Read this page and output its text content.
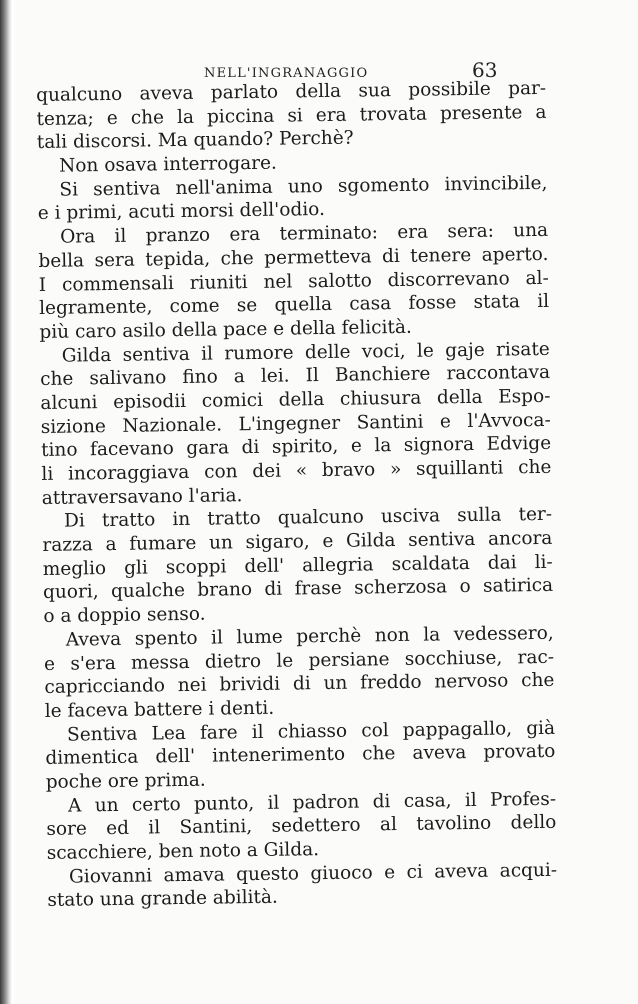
NELL'INGRANAGGIO	63
qualcuno aveva parlato della sua possibile par-
tenza; e che la piccina si era trovata presente a
tali discorsi. Ma quando? Perchè?
Non osava interrogare.
Si sentiva nell'anima uno sgomento invincibile,
e i primi, acuti morsi dell'odio.
Ora il pranzo era terminato: era sera: una
bella sera tepida, che permetteva di tenere aperto.
I commensali riuniti nel salotto discorrevano al-
legramente, come se quella casa fosse stata il
più caro asilo della pace e della felicità.
Gilda sentiva il rumore delle voci, le gaje risate
che salivano fino a lei. Il Banchiere raccontava
alcuni episodii comici della chiusura della Espo-
sizione Nazionale. L'ingegner Santini e l'Avvoca-
tino facevano gara di spirito, e la signora Edvige
li incoraggiava con dei « bravo » squillanti che
attraversavano l'aria.
Di tratto in tratto qualcuno usciva sulla ter-
razza a fumare un sigaro, e Gilda sentiva ancora
meglio gli scoppi dell' allegria scaldata dai li-
quori, qualche brano di frase scherzosa o satirica
o a doppio senso.
Aveva spento il lume perchè non la vedessero,
e s'era messa dietro le persiane socchiuse, rac-
capricciando nei brividi di un freddo nervoso che
le faceva battere i denti.
Sentiva Lea fare il chiasso col pappagallo, già
dimentica dell' intenerimento che aveva provato
poche ore prima.
A un certo punto, il padron di casa, il Profes-
sore ed il Santini, sedettero al tavolino dello
scacchiere, ben noto a Gilda.
Giovanni amava questo giuoco e ci aveva acqui-
stato una grande abilità.
